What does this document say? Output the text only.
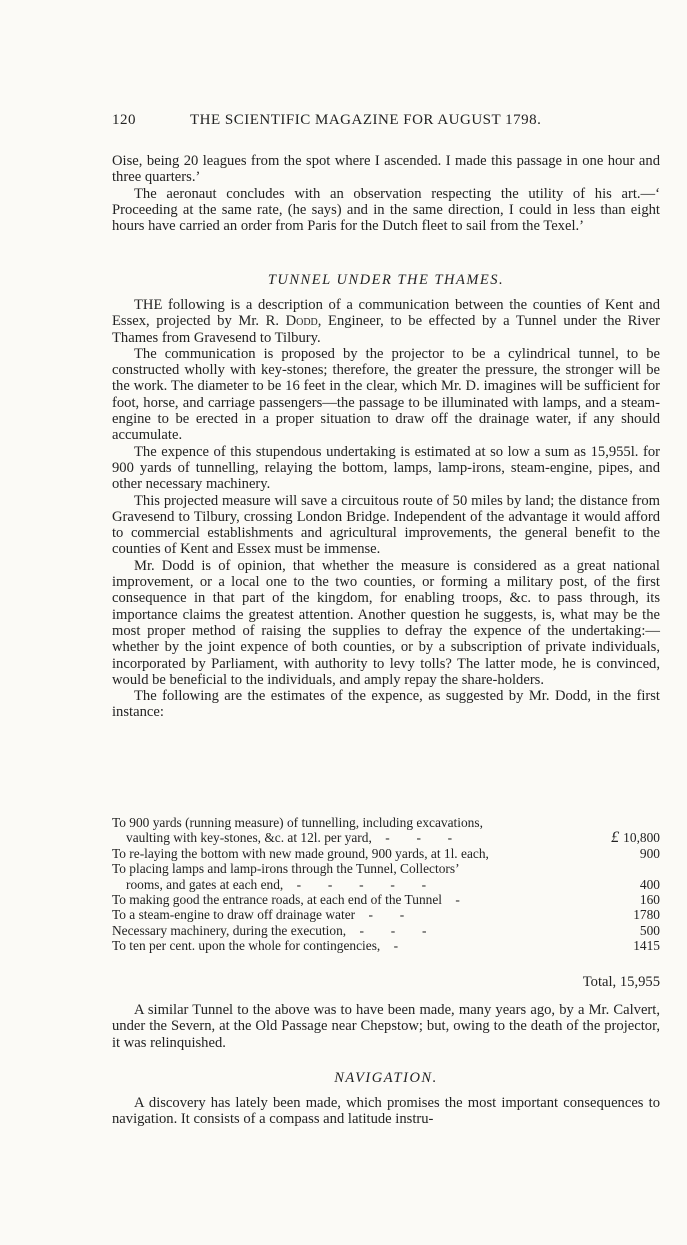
120	THE SCIENTIFIC MAGAZINE FOR AUGUST 1798.

Oise, being 20 leagues from the spot where I ascended. I made this passage in one hour and three quarters.’

The aeronaut concludes with an observation respecting the utility of his art.—‘ Proceeding at the same rate, (he says) and in the same direction, I could in less than eight hours have carried an order from Paris for the Dutch fleet to sail from the Texel.’

TUNNEL UNDER THE THAMES.

THE following is a description of a communication between the counties of Kent and Essex, projected by Mr. R. Dodd, Engineer, to be effected by a Tunnel under the River Thames from Gravesend to Tilbury.

The communication is proposed by the projector to be a cylindrical tunnel, to be constructed wholly with key-stones; therefore, the greater the pressure, the stronger will be the work. The diameter to be 16 feet in the clear, which Mr. D. imagines will be sufficient for foot, horse, and carriage passengers—the passage to be illuminated with lamps, and a steam-engine to be erected in a proper situation to draw off the drainage water, if any should accumulate.

The expence of this stupendous undertaking is estimated at so low a sum as 15,955l. for 900 yards of tunnelling, relaying the bottom, lamps, lamp-irons, steam-engine, pipes, and other necessary machinery.

This projected measure will save a circuitous route of 50 miles by land; the distance from Gravesend to Tilbury, crossing London Bridge. Independent of the advantage it would afford to commercial establishments and agricultural improvements, the general benefit to the counties of Kent and Essex must be immense.

Mr. Dodd is of opinion, that whether the measure is considered as a great national improvement, or a local one to the two counties, or forming a military post, of the first consequence in that part of the kingdom, for enabling troops, &c. to pass through, its importance claims the greatest attention. Another question he suggests, is, what may be the most proper method of raising the supplies to defray the expence of the undertaking:—whether by the joint expence of both counties, or by a subscription of private individuals, incorporated by Parliament, with authority to levy tolls? The latter mode, he is convinced, would be beneficial to the individuals, and amply repay the share-holders.

The following are the estimates of the expence, as suggested by Mr. Dodd, in the first instance:

To 900 yards (running measure) of tunnelling, including excavations,	
vaulting with key-stones, &c. at 12l. per yard,    -        -        -	£ 10,800
To re-laying the bottom with new made ground, 900 yards, at 1l. each,	900
To placing lamps and lamp-irons through the Tunnel, Collectors’	
rooms, and gates at each end,    -        -        -        -        -	400
To making good the entrance roads, at each end of the Tunnel    -	160
To a steam-engine to draw off drainage water    -        -	1780
Necessary machinery, during the execution,    -        -        -	500
To ten per cent. upon the whole for contingencies,    -	1415
Total, 15,955

A similar Tunnel to the above was to have been made, many years ago, by a Mr. Calvert, under the Severn, at the Old Passage near Chepstow; but, owing to the death of the projector, it was relinquished.

NAVIGATION.

A discovery has lately been made, which promises the most important consequences to navigation. It consists of a compass and latitude instru-
